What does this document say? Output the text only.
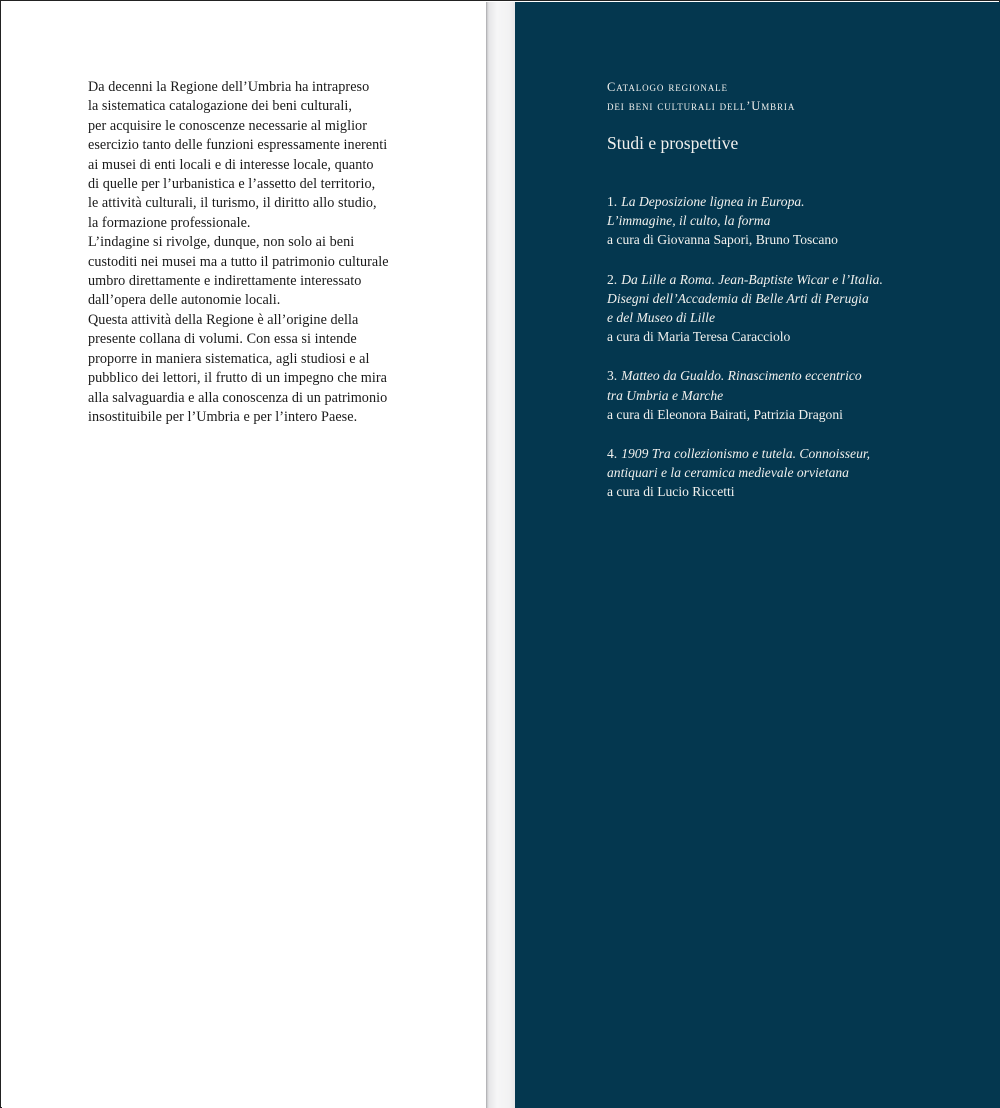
Da decenni la Regione dell’Umbria ha intrapreso
la sistematica catalogazione dei beni culturali,
per acquisire le conoscenze necessarie al miglior
esercizio tanto delle funzioni espressamente inerenti
ai musei di enti locali e di interesse locale, quanto
di quelle per l’urbanistica e l’assetto del territorio,
le attività culturali, il turismo, il diritto allo studio,
la formazione professionale.
L’indagine si rivolge, dunque, non solo ai beni
custoditi nei musei ma a tutto il patrimonio culturale
umbro direttamente e indirettamente interessato
dall’opera delle autonomie locali.
Questa attività della Regione è all’origine della
presente collana di volumi. Con essa si intende
proporre in maniera sistematica, agli studiosi e al
pubblico dei lettori, il frutto di un impegno che mira
alla salvaguardia e alla conoscenza di un patrimonio
insostituibile per l’Umbria e per l’intero Paese.
Catalogo regionale
dei beni culturali dell’Umbria
Studi e prospettive
1. La Deposizione lignea in Europa.
L’immagine, il culto, la forma
a cura di Giovanna Sapori, Bruno Toscano
2. Da Lille a Roma. Jean-Baptiste Wicar e l’Italia.
Disegni dell’Accademia di Belle Arti di Perugia
e del Museo di Lille
a cura di Maria Teresa Caracciolo
3. Matteo da Gualdo. Rinascimento eccentrico
tra Umbria e Marche
a cura di Eleonora Bairati, Patrizia Dragoni
4. 1909 Tra collezionismo e tutela. Connoisseur,
antiquari e la ceramica medievale orvietana
a cura di Lucio Riccetti
